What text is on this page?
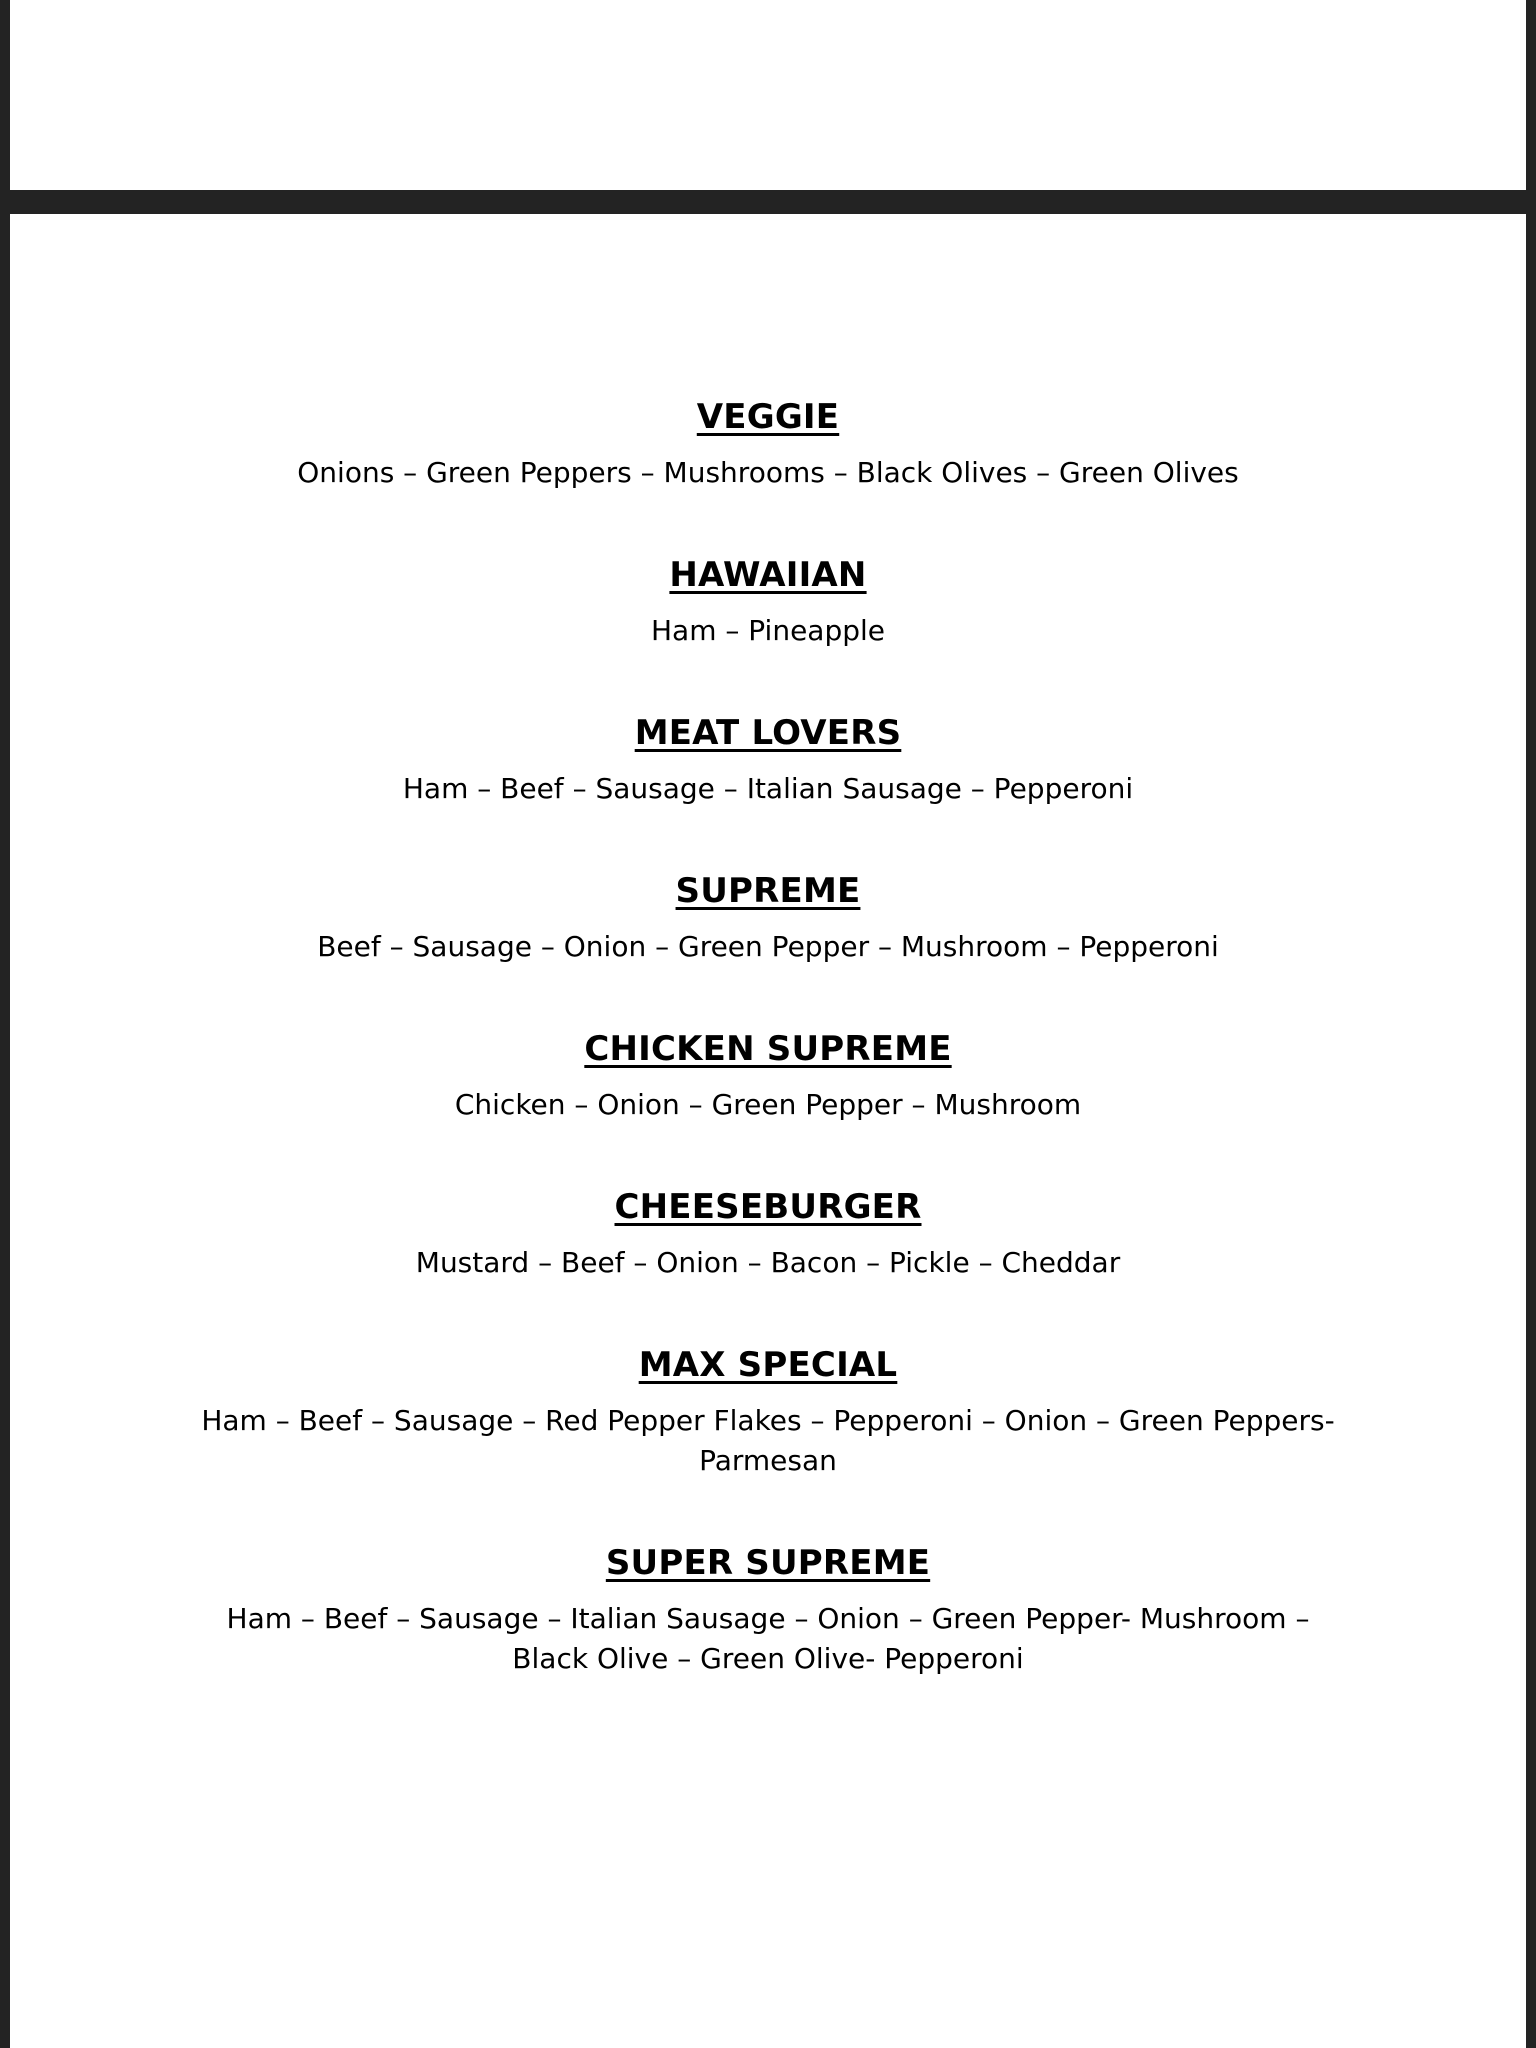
VEGGIE
Onions – Green Peppers – Mushrooms – Black Olives – Green Olives
HAWAIIAN
Ham – Pineapple
MEAT LOVERS
Ham – Beef – Sausage – Italian Sausage – Pepperoni
SUPREME
Beef – Sausage – Onion – Green Pepper – Mushroom – Pepperoni
CHICKEN SUPREME
Chicken – Onion – Green Pepper – Mushroom
CHEESEBURGER
Mustard – Beef – Onion – Bacon – Pickle – Cheddar
MAX SPECIAL
Ham – Beef – Sausage – Red Pepper Flakes – Pepperoni – Onion – Green Peppers- Parmesan
SUPER SUPREME
Ham – Beef – Sausage – Italian Sausage – Onion – Green Pepper- Mushroom – Black Olive – Green Olive- Pepperoni
